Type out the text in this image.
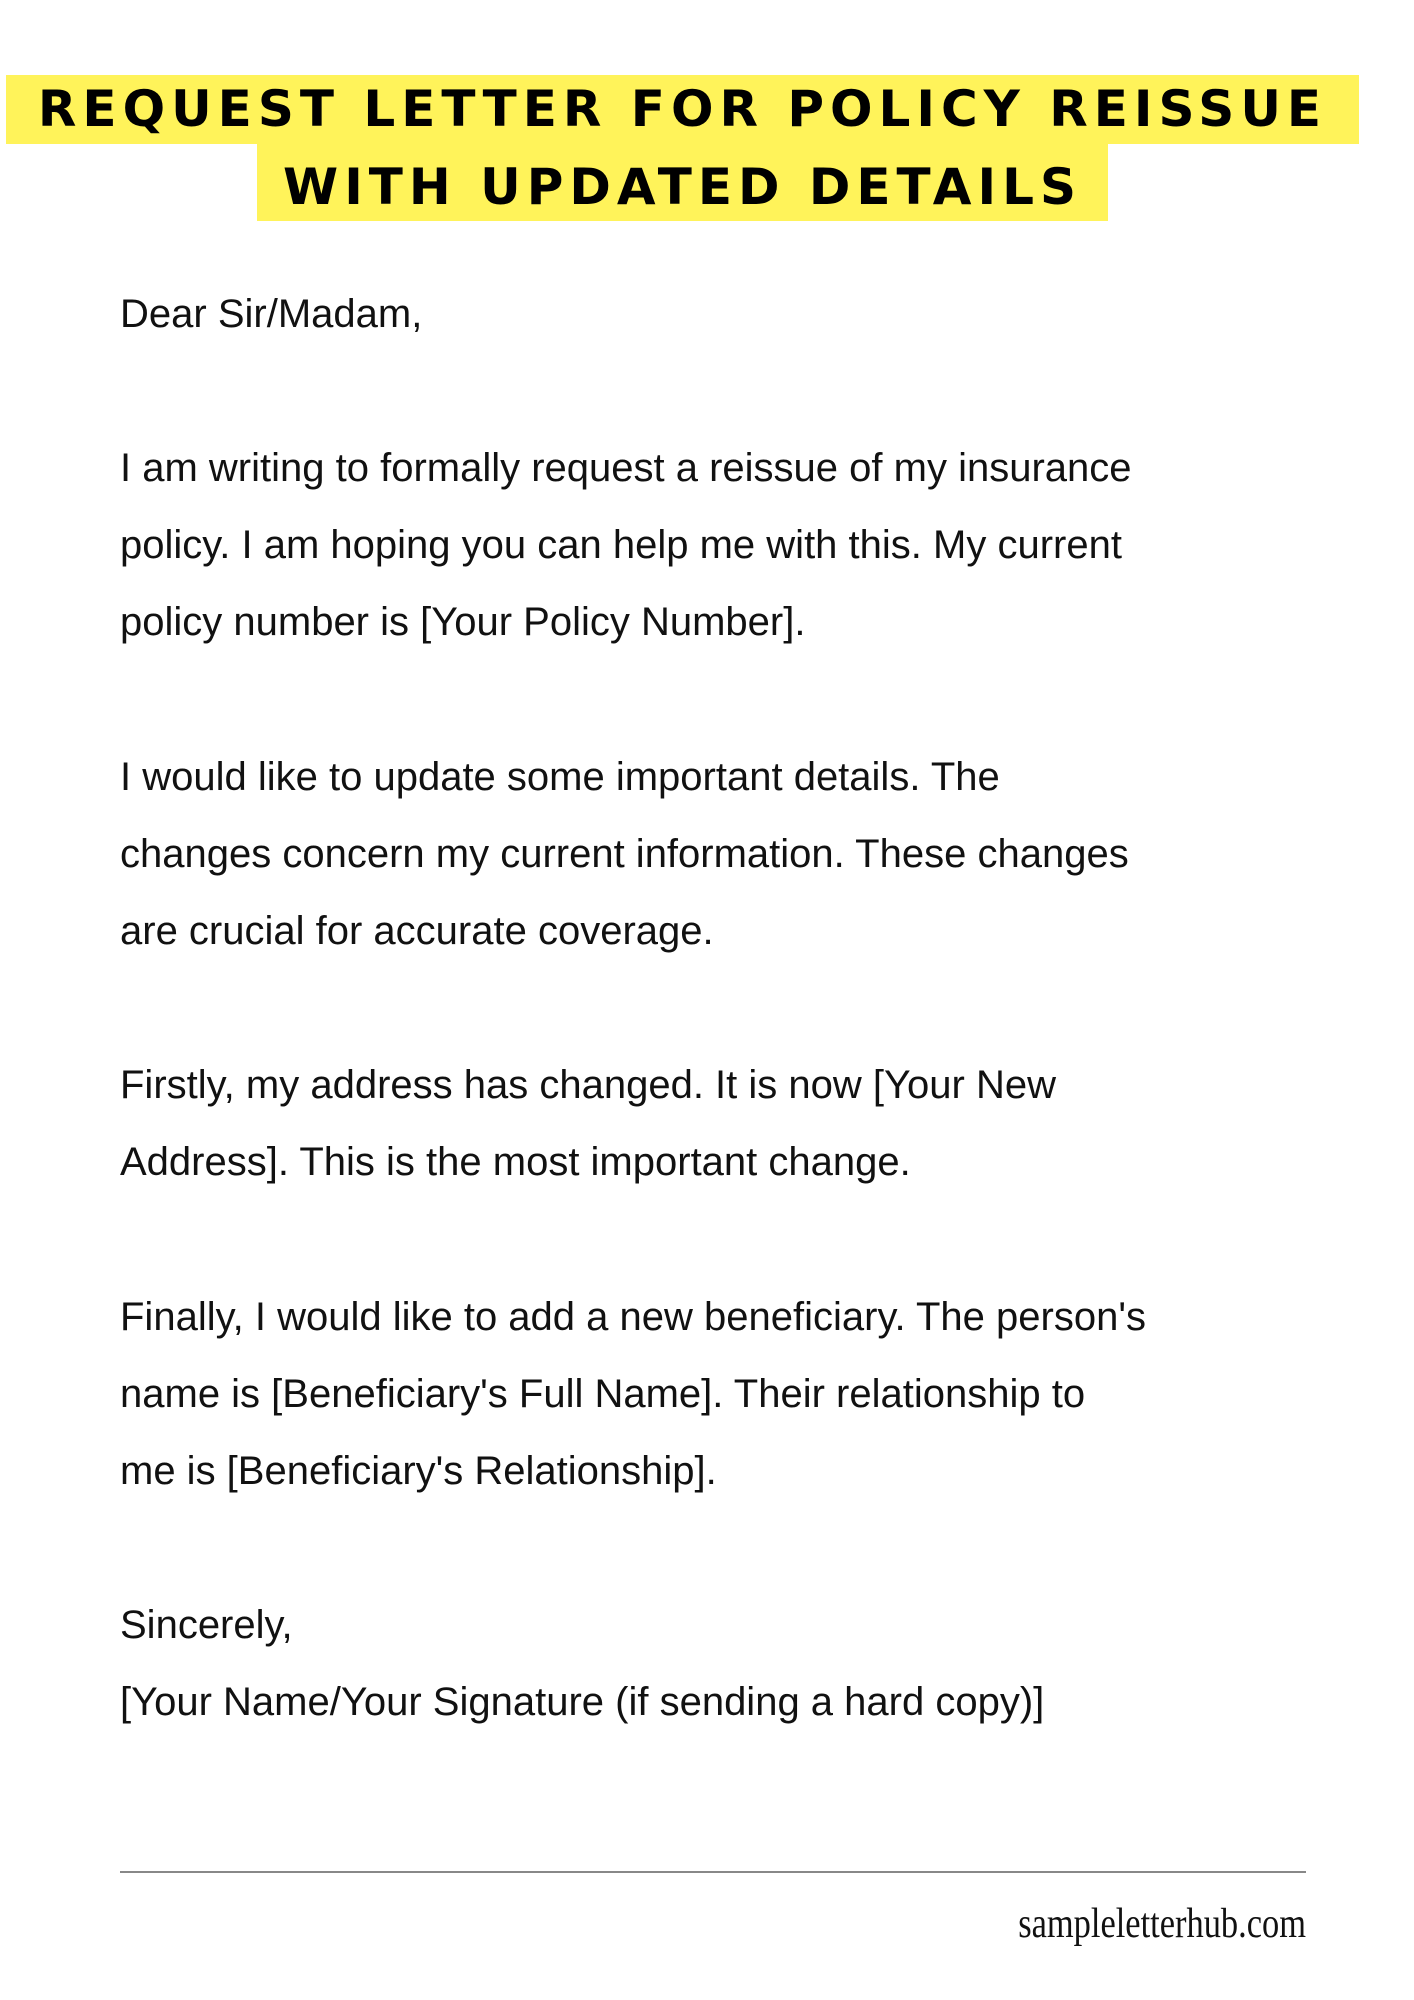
REQUEST LETTER FOR POLICY REISSUE
WITH UPDATED DETAILS
Dear Sir/Madam,
I am writing to formally request a reissue of my insurance
policy. I am hoping you can help me with this. My current
policy number is [Your Policy Number].
I would like to update some important details. The
changes concern my current information. These changes
are crucial for accurate coverage.
Firstly, my address has changed. It is now [Your New
Address]. This is the most important change.
Finally, I would like to add a new beneficiary. The person's
name is [Beneficiary's Full Name]. Their relationship to
me is [Beneficiary's Relationship].
Sincerely,
[Your Name/Your Signature (if sending a hard copy)]
sampleletterhub.com
